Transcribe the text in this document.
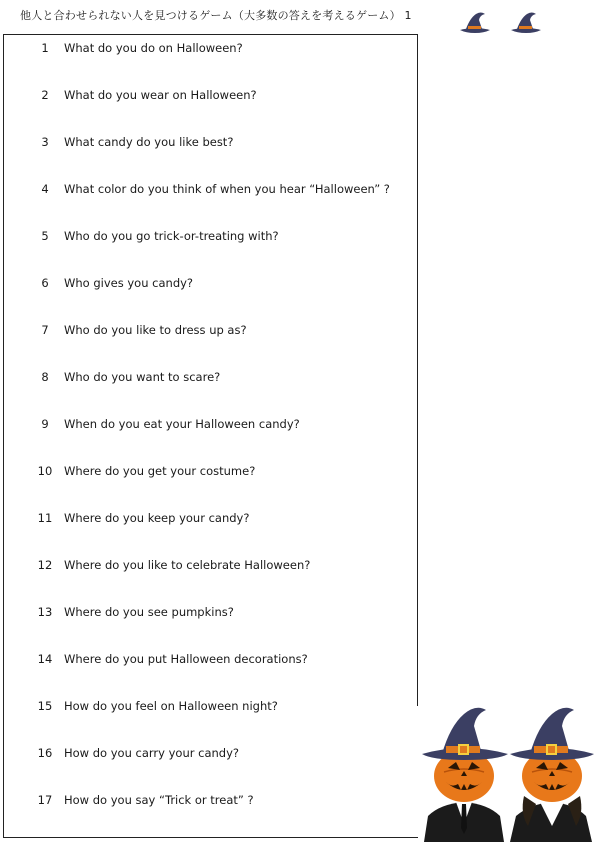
他人と合わせられない人を見つけるゲーム（大多数の答えを考えるゲーム） 1
1	What do you do on Halloween?
2	What do you wear on Halloween?
3	What candy do you like best?
4	What color do you think of when you hear “Halloween” ?
5	Who do you go trick-or-treating with?
6	Who gives you candy?
7	Who do you like to dress up as?
8	Who do you want to scare?
9	When do you eat your Halloween candy?
10 Where do you get your costume?
11 Where do you keep your candy?
12 Where do you like to celebrate Halloween?
13 Where do you see pumpkins?
14 Where do you put Halloween decorations?
15 How do you feel on Halloween night?
16 How do you carry your candy?
17 How do you say “Trick or treat” ?
